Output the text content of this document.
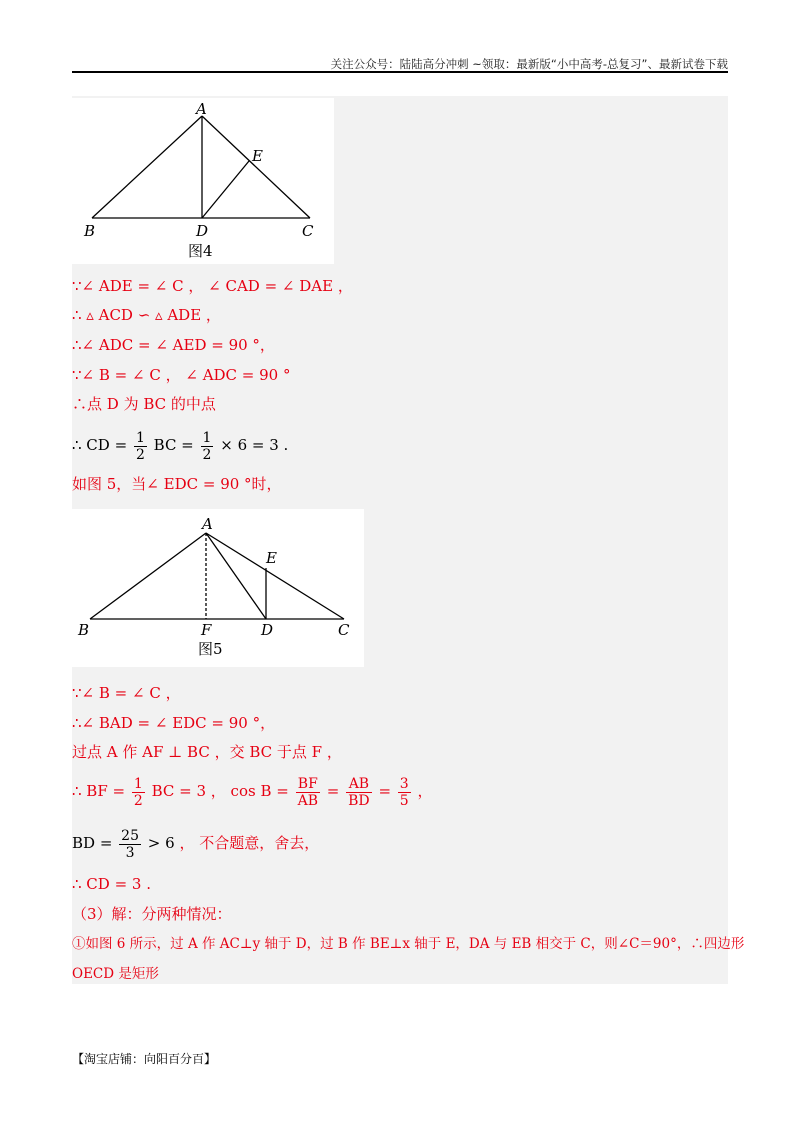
关注公众号：陆陆高分冲刺 ~领取：最新版“小中高考-总复习”、最新试卷下载
A
E
B	D	C
图4
∵∠ ADE = ∠ C ， ∠ CAD = ∠ DAE ，
∴ ▵ ACD ∽ ▵ ADE ，
∴∠ ADC = ∠ AED = 90 °，
∵∠ B = ∠ C ， ∠ ADC = 90 °
∴点 D 为 BC 的中点
∴ CD = $\frac{1}{2}$ BC = $\frac{1}{2} \times 6 = 3$ .
如图 5，当∠ EDC = 90 °时，
A
E
B	F	D	C
图5
∵∠ B = ∠ C ，
∴∠ BAD = ∠ EDC = 90 °，
过点 A 作 AF ⊥ BC ，交 BC 于点 F ，
∴ BF = $\frac{1}{2}$ BC = 3 ， $\cos B = \frac{BF}{AB} = \frac{AB}{BD} = \frac{3}{5}$ ，
BD = $\frac{25}{3} > 6$ ， 不合题意，舍去，
∴ CD = 3 .
（3）解：分两种情况：
①如图 6 所示，过 A 作 AC⊥y 轴于 D，过 B 作 BE⊥x 轴于 E，DA 与 EB 相交于 C，则∠C＝90°，∴四边形
OECD 是矩形
【淘宝店铺：向阳百分百】
